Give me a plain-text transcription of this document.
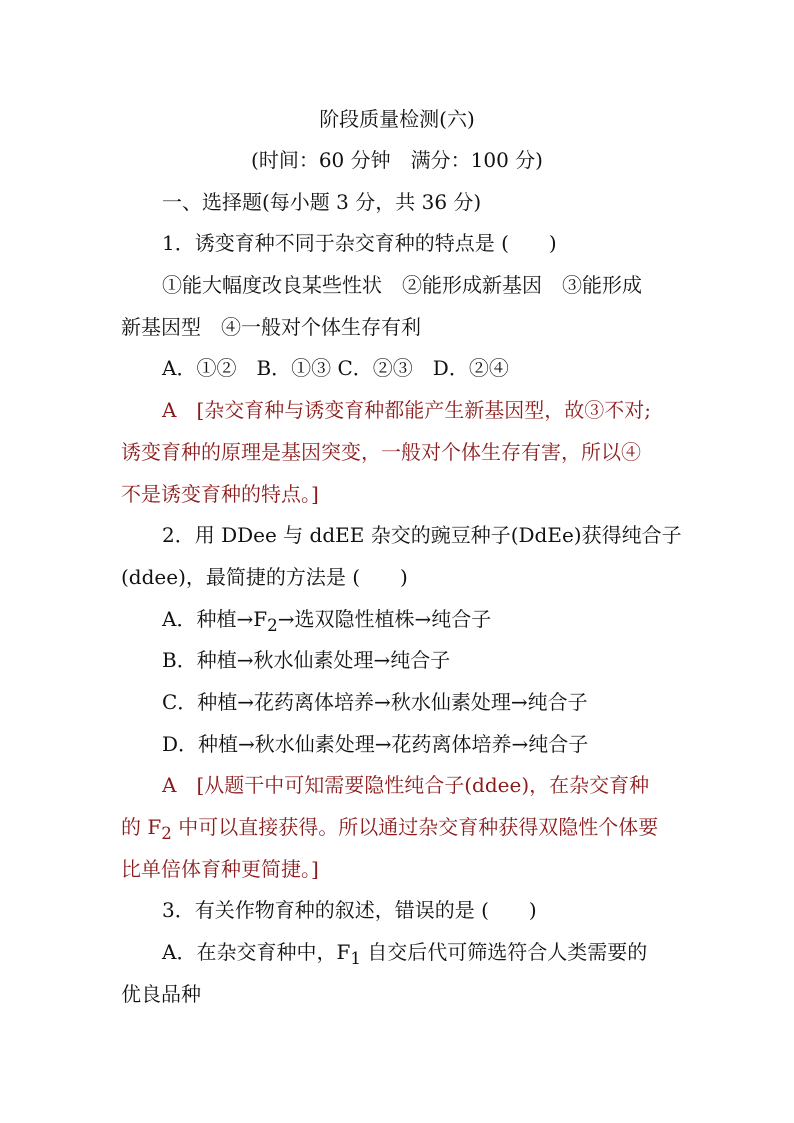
阶段质量检测(六)
(时间：60 分钟　满分：100 分)
一、选择题(每小题 3 分，共 36 分)
1．诱变育种不同于杂交育种的特点是 (　　)
①能大幅度改良某些性状　②能形成新基因　③能形成
新基因型　④一般对个体生存有利
A．①②　B．①③ C．②③　D．②④
A　[杂交育种与诱变育种都能产生新基因型，故③不对;
诱变育种的原理是基因突变，一般对个体生存有害，所以④
不是诱变育种的特点。]
2．用 DDee 与 ddEE 杂交的豌豆种子(DdEe)获得纯合子
(ddee)，最简捷的方法是 (　　)
A．种植$\to F_2\to$选双隐性植株→纯合子
B．种植→秋水仙素处理→纯合子
C．种植→花药离体培养→秋水仙素处理→纯合子
D．种植→秋水仙素处理→花药离体培养→纯合子
A　[从题干中可知需要隐性纯合子(ddee)，在杂交育种
的 $F_2$ 中可以直接获得。所以通过杂交育种获得双隐性个体要
比单倍体育种更简捷。]
3．有关作物育种的叙述，错误的是 (　　)
A．在杂交育种中，$F_1$ 自交后代可筛选符合人类需要的
优良品种
